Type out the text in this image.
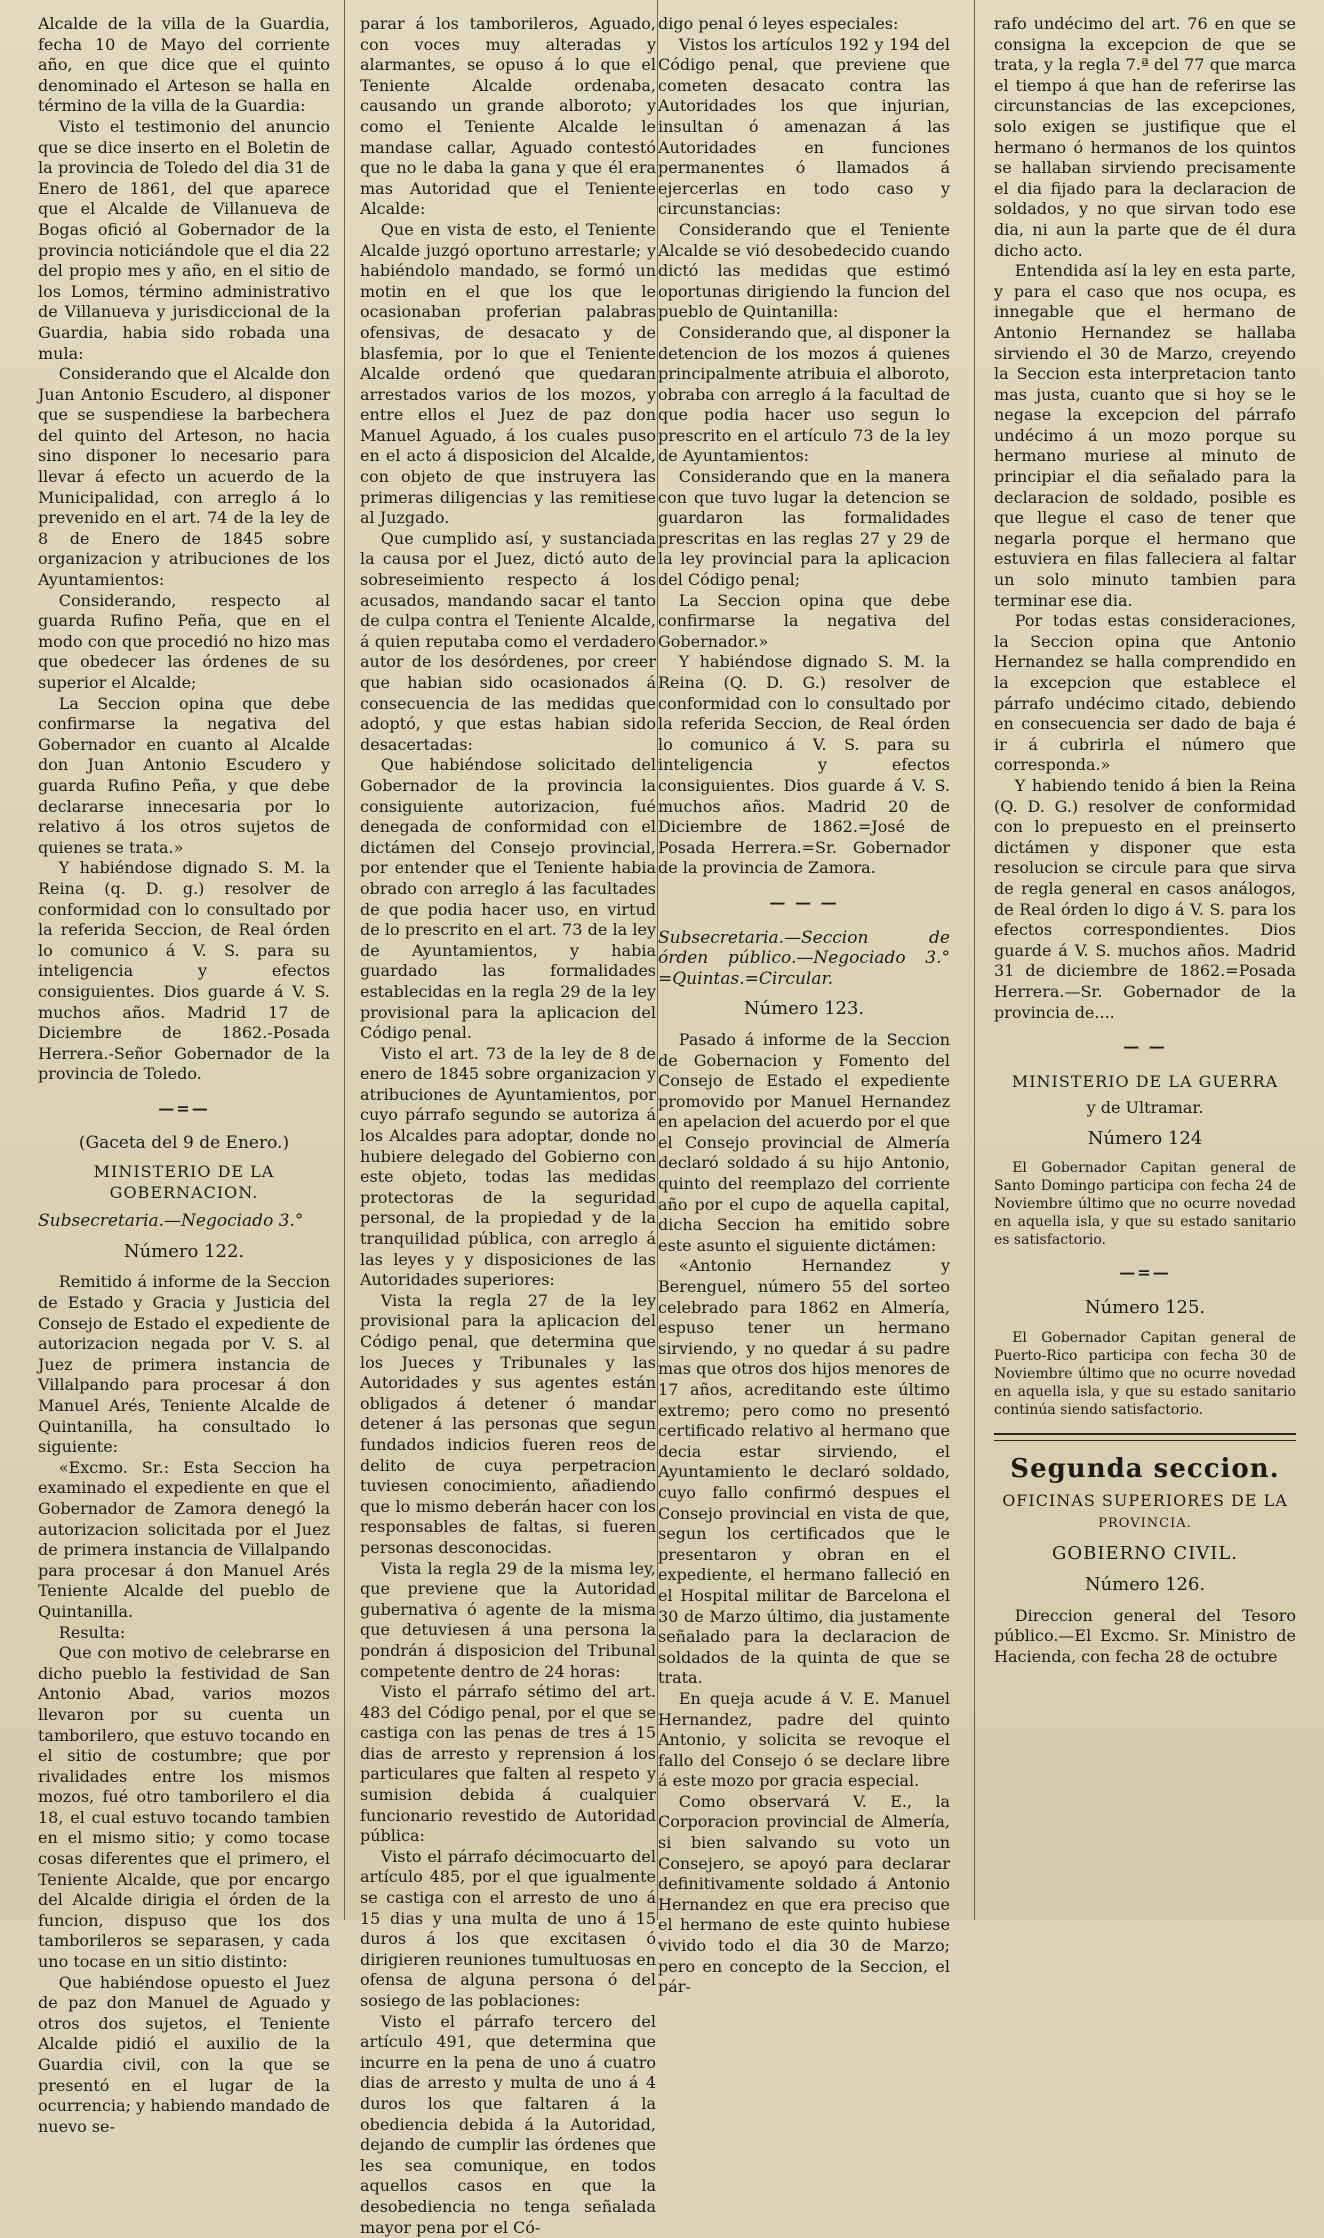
Alcalde de la villa de la Guardia, fecha 10 de Mayo del corriente año, en que dice que el quinto denominado el Arteson se halla en término de la villa de la Guardia:

Visto el testimonio del anuncio que se dice inserto en el Boletin de la provincia de Toledo del dia 31 de Enero de 1861, del que aparece que el Alcalde de Villanueva de Bogas ofició al Gobernador de la provincia noticiándole que el dia 22 del propio mes y año, en el sitio de los Lomos, término administrativo de Villanueva y jurisdiccional de la Guardia, habia sido robada una mula:

Considerando que el Alcalde don Juan Antonio Escudero, al disponer que se suspendiese la barbechera del quinto del Arteson, no hacia sino disponer lo necesario para llevar á efecto un acuerdo de la Municipalidad, con arreglo á lo prevenido en el art. 74 de la ley de 8 de Enero de 1845 sobre organizacion y atribuciones de los Ayuntamientos:

Considerando, respecto al guarda Rufino Peña, que en el modo con que procedió no hizo mas que obedecer las órdenes de su superior el Alcalde;

La Seccion opina que debe confirmarse la negativa del Gobernador en cuanto al Alcalde don Juan Antonio Escudero y guarda Rufino Peña, y que debe declararse innecesaria por lo relativo á los otros sujetos de quienes se trata.»

Y habiéndose dignado S. M. la Reina (q. D. g.) resolver de conformidad con lo consultado por la referida Seccion, de Real órden lo comunico á V. S. para su inteligencia y efectos consiguientes. Dios guarde á V. S. muchos años. Madrid 17 de Diciembre de 1862.-Posada Herrera.-Señor Gobernador de la provincia de Toledo.

—=—
(Gaceta del 9 de Enero.)
MINISTERIO DE LA GOBERNACION.
Subsecretaria.—Negociado 3.°
Número 122.

Remitido á informe de la Seccion de Estado y Gracia y Justicia del Consejo de Estado el expediente de autorizacion negada por V. S. al Juez de primera instancia de Villalpando para procesar á don Manuel Arés, Teniente Alcalde de Quintanilla, ha consultado lo siguiente:

«Excmo. Sr.: Esta Seccion ha examinado el expediente en que el Gobernador de Zamora denegó la autorizacion solicitada por el Juez de primera instancia de Villalpando para procesar á don Manuel Arés Teniente Alcalde del pueblo de Quintanilla.

Resulta:

Que con motivo de celebrarse en dicho pueblo la festividad de San Antonio Abad, varios mozos llevaron por su cuenta un tamborilero, que estuvo tocando en el sitio de costumbre; que por rivalidades entre los mismos mozos, fué otro tamborilero el dia 18, el cual estuvo tocando tambien en el mismo sitio; y como tocase cosas diferentes que el primero, el Teniente Alcalde, que por encargo del Alcalde dirigia el órden de la funcion, dispuso que los dos tamborileros se separasen, y cada uno tocase en un sitio distinto:

Que habiéndose opuesto el Juez de paz don Manuel de Aguado y otros dos sujetos, el Teniente Alcalde pidió el auxilio de la Guardia civil, con la que se presentó en el lugar de la ocurrencia; y habiendo mandado de nuevo se-

parar á los tamborileros, Aguado, con voces muy alteradas y alarmantes, se opuso á lo que el Teniente Alcalde ordenaba, causando un grande alboroto; y como el Teniente Alcalde le mandase callar, Aguado contestó que no le daba la gana y que él era mas Autoridad que el Teniente Alcalde:

Que en vista de esto, el Teniente Alcalde juzgó oportuno arrestarle; y habiéndolo mandado, se formó un motin en el que los que le ocasionaban proferian palabras ofensivas, de desacato y de blasfemia, por lo que el Teniente Alcalde ordenó que quedaran arrestados varios de los mozos, y entre ellos el Juez de paz don Manuel Aguado, á los cuales puso en el acto á disposicion del Alcalde, con objeto de que instruyera las primeras diligencias y las remitiese al Juzgado.

Que cumplido así, y sustanciada la causa por el Juez, dictó auto de sobreseimiento respecto á los acusados, mandando sacar el tanto de culpa contra el Teniente Alcalde, á quien reputaba como el verdadero autor de los desórdenes, por creer que habian sido ocasionados á consecuencia de las medidas que adoptó, y que estas habian sido desacertadas:

Que habiéndose solicitado del Gobernador de la provincia la consiguiente autorizacion, fué denegada de conformidad con el dictámen del Consejo provincial, por entender que el Teniente habia obrado con arreglo á las facultades de que podia hacer uso, en virtud de lo prescrito en el art. 73 de la ley de Ayuntamientos, y habia guardado las formalidades establecidas en la regla 29 de la ley provisional para la aplicacion del Código penal.

Visto el art. 73 de la ley de 8 de enero de 1845 sobre organizacion y atribuciones de Ayuntamientos, por cuyo párrafo segundo se autoriza á los Alcaldes para adoptar, donde no hubiere delegado del Gobierno con este objeto, todas las medidas protectoras de la seguridad personal, de la propiedad y de la tranquilidad pública, con arreglo á las leyes y y disposiciones de las Autoridades superiores:

Vista la regla 27 de la ley provisional para la aplicacion del Código penal, que determina que los Jueces y Tribunales y las Autoridades y sus agentes están obligados á detener ó mandar detener á las personas que segun fundados indicios fueren reos de delito de cuya perpetracion tuviesen conocimiento, añadiendo que lo mismo deberán hacer con los responsables de faltas, si fueren personas desconocidas.

Vista la regla 29 de la misma ley, que previene que la Autoridad gubernativa ó agente de la misma que detuviesen á una persona la pondrán á disposicion del Tribunal competente dentro de 24 horas:

Visto el párrafo sétimo del art. 483 del Código penal, por el que se castiga con las penas de tres á 15 dias de arresto y reprension á los particulares que falten al respeto y sumision debida á cualquier funcionario revestido de Autoridad pública:

Visto el párrafo décimocuarto del artículo 485, por el que igualmente se castiga con el arresto de uno á 15 dias y una multa de uno á 15 duros á los que excitasen ó dirigieren reuniones tumultuosas en ofensa de alguna persona ó del sosiego de las poblaciones:

Visto el párrafo tercero del artículo 491, que determina que incurre en la pena de uno á cuatro dias de arresto y multa de uno á 4 duros los que faltaren á la obediencia debida á la Autoridad, dejando de cumplir las órdenes que les sea comunique, en todos aquellos casos en que la desobediencia no tenga señalada mayor pena por el Có-

digo penal ó leyes especiales:

Vistos los artículos 192 y 194 del Código penal, que previene que cometen desacato contra las Autoridades los que injurian, insultan ó amenazan á las Autoridades en funciones permanentes ó llamados á ejercerlas en todo caso y circunstancias:

Considerando que el Teniente Alcalde se vió desobedecido cuando dictó las medidas que estimó oportunas dirigiendo la funcion del pueblo de Quintanilla:

Considerando que, al disponer la detencion de los mozos á quienes principalmente atribuia el alboroto, obraba con arreglo á la facultad de que podia hacer uso segun lo prescrito en el artículo 73 de la ley de Ayuntamientos:

Considerando que en la manera con que tuvo lugar la detencion se guardaron las formalidades prescritas en las reglas 27 y 29 de la ley provincial para la aplicacion del Código penal;

La Seccion opina que debe confirmarse la negativa del Gobernador.»

Y habiéndose dignado S. M. la Reina (Q. D. G.) resolver de conformidad con lo consultado por la referida Seccion, de Real órden lo comunico á V. S. para su inteligencia y efectos consiguientes. Dios guarde á V. S. muchos años. Madrid 20 de Diciembre de 1862.=José de Posada Herrera.=Sr. Gobernador de la provincia de Zamora.

— — —
Subsecretaria.—Seccion de órden público.—Negociado 3.° =Quintas.=Circular.
Número 123.

Pasado á informe de la Seccion de Gobernacion y Fomento del Consejo de Estado el expediente promovido por Manuel Hernandez en apelacion del acuerdo por el que el Consejo provincial de Almería declaró soldado á su hijo Antonio, quinto del reemplazo del corriente año por el cupo de aquella capital, dicha Seccion ha emitido sobre este asunto el siguiente dictámen:

«Antonio Hernandez y Berenguel, número 55 del sorteo celebrado para 1862 en Almería, espuso tener un hermano sirviendo, y no quedar á su padre mas que otros dos hijos menores de 17 años, acreditando este último extremo; pero como no presentó certificado relativo al hermano que decia estar sirviendo, el Ayuntamiento le declaró soldado, cuyo fallo confirmó despues el Consejo provincial en vista de que, segun los certificados que le presentaron y obran en el expediente, el hermano falleció en el Hospital militar de Barcelona el 30 de Marzo último, dia justamente señalado para la declaracion de soldados de la quinta de que se trata.

En queja acude á V. E. Manuel Hernandez, padre del quinto Antonio, y solicita se revoque el fallo del Consejo ó se declare libre á este mozo por gracia especial.

Como observará V. E., la Corporacion provincial de Almería, si bien salvando su voto un Consejero, se apoyó para declarar definitivamente soldado á Antonio Hernandez en que era preciso que el hermano de este quinto hubiese vivido todo el dia 30 de Marzo; pero en concepto de la Seccion, el pár-

rafo undécimo del art. 76 en que se consigna la excepcion de que se trata, y la regla 7.ª del 77 que marca el tiempo á que han de referirse las circunstancias de las excepciones, solo exigen se justifique que el hermano ó hermanos de los quintos se hallaban sirviendo precisamente el dia fijado para la declaracion de soldados, y no que sirvan todo ese dia, ni aun la parte que de él dura dicho acto.

Entendida así la ley en esta parte, y para el caso que nos ocupa, es innegable que el hermano de Antonio Hernandez se hallaba sirviendo el 30 de Marzo, creyendo la Seccion esta interpretacion tanto mas justa, cuanto que si hoy se le negase la excepcion del párrafo undécimo á un mozo porque su hermano muriese al minuto de principiar el dia señalado para la declaracion de soldado, posible es que llegue el caso de tener que negarla porque el hermano que estuviera en filas falleciera al faltar un solo minuto tambien para terminar ese dia.

Por todas estas consideraciones, la Seccion opina que Antonio Hernandez se halla comprendido en la excepcion que establece el párrafo undécimo citado, debiendo en consecuencia ser dado de baja é ir á cubrirla el número que corresponda.»

Y habiendo tenido á bien la Reina (Q. D. G.) resolver de conformidad con lo prepuesto en el preinserto dictámen y disponer que esta resolucion se circule para que sirva de regla general en casos análogos, de Real órden lo digo á V. S. para los efectos correspondientes. Dios guarde á V. S. muchos años. Madrid 31 de diciembre de 1862.=Posada Herrera.—Sr. Gobernador de la provincia de....

— —
MINISTERIO DE LA GUERRA
y de Ultramar.
Número 124

El Gobernador Capitan general de Santo Domingo participa con fecha 24 de Noviembre último que no ocurre novedad en aquella isla, y que su estado sanitario es satisfactorio.

—=—
Número 125.

El Gobernador Capitan general de Puerto-Rico participa con fecha 30 de Noviembre último que no ocurre novedad en aquella isla, y que su estado sanitario continúa siendo satisfactorio.

Segunda seccion.
OFICINAS SUPERIORES DE LA
PROVINCIA.
GOBIERNO CIVIL.
Número 126.

Direccion general del Tesoro público.—El Excmo. Sr. Ministro de Hacienda, con fecha 28 de octubre
